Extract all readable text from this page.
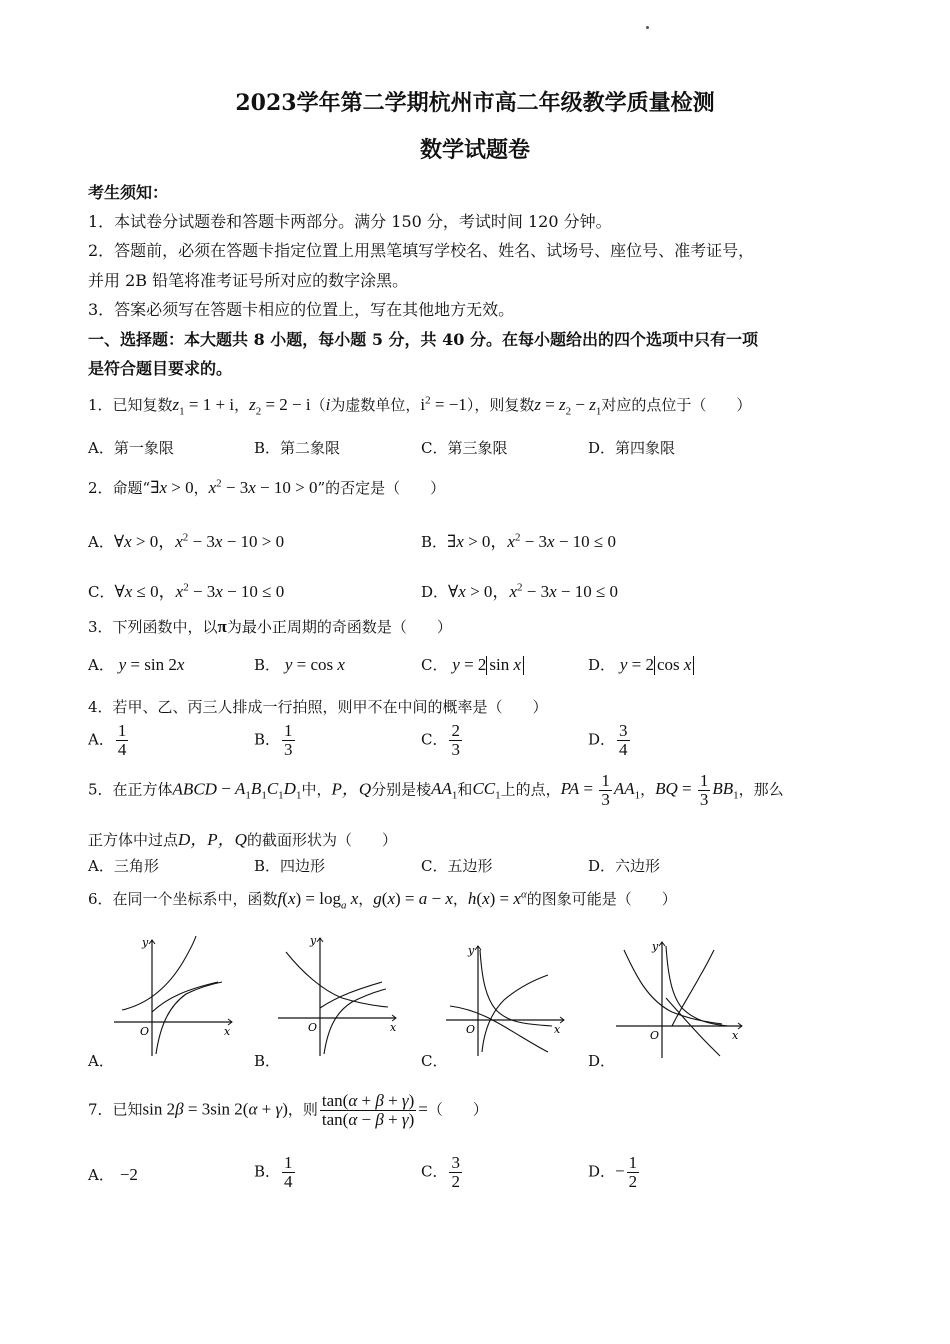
2023学年第二学期杭州市高二年级教学质量检测
数学试题卷
考生须知：
1．本试卷分试题卷和答题卡两部分。满分 150 分，考试时间 120 分钟。
2．答题前，必须在答题卡指定位置上用黑笔填写学校名、姓名、试场号、座位号、准考证号，
并用 2B 铅笔将准考证号所对应的数字涂黑。
3．答案必须写在答题卡相应的位置上，写在其他地方无效。
一、选择题：本大题共 8 小题，每小题 5 分，共 40 分。在每小题给出的四个选项中只有一项
是符合题目要求的。
1．已知复数$z_1 = 1 + i$，$z_2 = 2 - i(i$为虚数单位，$i^2 = -1$），则复数$z = z_2 - z_1$对应的点位于（　　）
A．第一象限	B．第二象限	C．第三象限	D．第四象限
2．命题“∃x > 0，$x^2 - 3x - 10 > 0$”的否定是（　　）
A．∀x > 0，$x^2 - 3x - 10 > 0$	B．∃x > 0，$x^2 - 3x - 10 \le 0$
C．∀x ≤ 0，$x^2 - 3x - 10 \le 0$	D．∀x > 0，$x^2 - 3x - 10 \le 0$
3．下列函数中，以π为最小正周期的奇函数是（　　）
A． y = sin 2x	B． y = cos x	C． y = 2 sin x	D． y = 2 cos x
4．若甲、乙、丙三人排成一行拍照，则甲不在中间的概率是（　　）
A． $\frac{1}{4}$	B． $\frac{1}{3}$	C． $\frac{2}{3}$	D． $\frac{3}{4}$
5．在正方体ABCD − $A_1B_1C_1D_1$中，P，Q分别是棱$AA_1$和$CC_1$上的点，PA = $\frac{1}{3} AA_1$，BQ = $\frac{1}{3} BB_1$，那么
正方体中过点D，P，Q的截面形状为（　　）
A．三角形	B．四边形	C．五边形	D．六边形
6．在同一个坐标系中，函数$f(x) = \log_a x$，g(x) = a − x，$h(x) = x^\alpha$的图象可能是（　　）
y
x
O
A．
y
x
O
B．
y
x
O
C．
y
x
O
D．
7．已知sin 2β = 3sin 2(α + γ)，则 $\frac{\tan(\alpha + \beta + \gamma)}{\tan(\alpha - \beta + \gamma)}$ =（　　）
A． −2	B． $\frac{1}{4}$	C． $\frac{3}{2}$	D．− $\frac{1}{2}$
